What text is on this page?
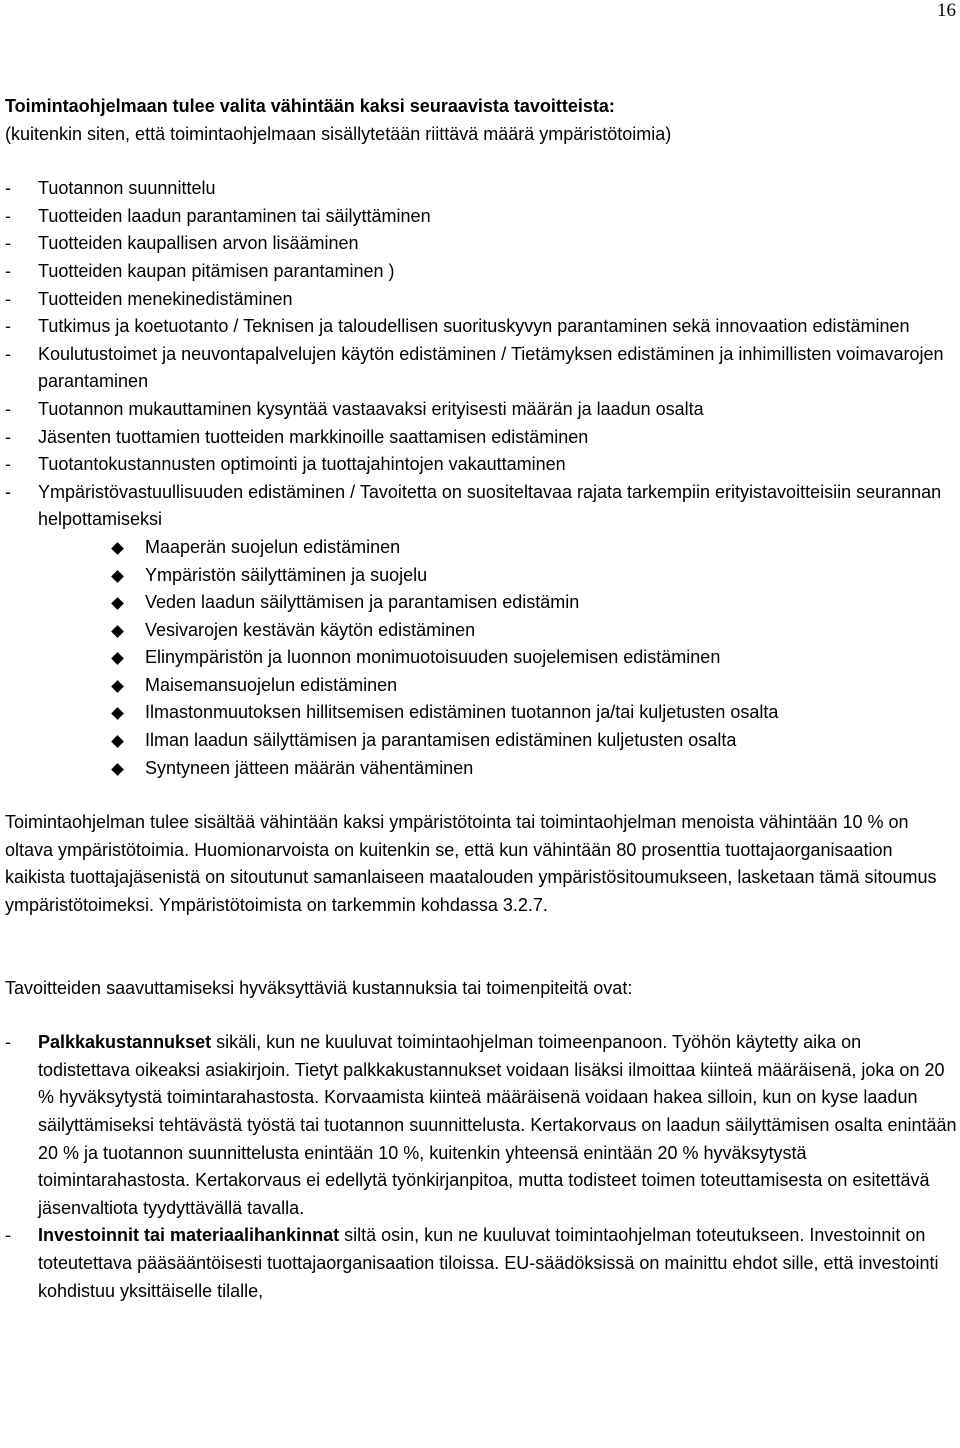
16
Toimintaohjelmaan tulee valita vähintään kaksi seuraavista tavoitteista:
(kuitenkin siten, että toimintaohjelmaan sisällytetään riittävä määrä ympäristötoimia)
- Tuotannon suunnittelu
- Tuotteiden laadun parantaminen tai säilyttäminen
- Tuotteiden kaupallisen arvon lisääminen
- Tuotteiden kaupan pitämisen parantaminen )
- Tuotteiden menekinedistäminen
- Tutkimus ja koetuotanto / Teknisen ja taloudellisen suorituskyvyn parantaminen sekä innovaation edistäminen
- Koulutustoimet ja neuvontapalvelujen käytön edistäminen / Tietämyksen edistäminen ja inhimillisten voimavarojen parantaminen
- Tuotannon mukauttaminen kysyntää vastaavaksi erityisesti määrän ja laadun osalta
- Jäsenten tuottamien tuotteiden markkinoille saattamisen edistäminen
- Tuotantokustannusten optimointi ja tuottajahintojen vakauttaminen
- Ympäristövastuullisuuden edistäminen / Tavoitetta on suositeltavaa rajata tarkempiin erityistavoitteisiin seurannan helpottamiseksi
Maaperän suojelun edistäminen
Ympäristön säilyttäminen ja suojelu
Veden laadun säilyttämisen ja parantamisen edistämin
Vesivarojen kestävän käytön edistäminen
Elinympäristön ja luonnon monimuotoisuuden suojelemisen edistäminen
Maisemansuojelun edistäminen
Ilmastonmuutoksen hillitsemisen edistäminen tuotannon ja/tai kuljetusten osalta
Ilman laadun säilyttämisen ja parantamisen edistäminen kuljetusten osalta
Syntyneen jätteen määrän vähentäminen

Toimintaohjelman tulee sisältää vähintään kaksi ympäristötointa tai toimintaohjelman menoista vähintään 10 % on oltava ympäristötoimia. Huomionarvoista on kuitenkin se, että kun vähintään 80 prosenttia tuottajaorganisaation kaikista tuottajajäsenistä on sitoutunut samanlaiseen maatalouden ympäristösitoumukseen, lasketaan tämä sitoumus ympäristötoimeksi. Ympäristötoimista on tarkemmin kohdassa 3.2.7.

Tavoitteiden saavuttamiseksi hyväksyttäviä kustannuksia tai toimenpiteitä ovat:

- Palkkakustannukset sikäli, kun ne kuuluvat toimintaohjelman toimeenpanoon. Työhön käytetty aika on todistettava oikeaksi asiakirjoin. Tietyt palkkakustannukset voidaan lisäksi ilmoittaa kiinteä määräisenä, joka on 20 % hyväksytystä toimintarahastosta. Korvaamista kiinteä määräisenä voidaan hakea silloin, kun on kyse laadun säilyttämiseksi tehtävästä työstä tai tuotannon suunnittelusta. Kertakorvaus on laadun säilyttämisen osalta enintään 20 % ja tuotannon suunnittelusta enintään 10 %, kuitenkin yhteensä enintään 20 % hyväksytystä toimintarahastosta. Kertakorvaus ei edellytä työnkirjanpitoa, mutta todisteet toimen toteuttamisesta on esitettävä jäsenvaltiota tyydyttävällä tavalla.
- Investoinnit tai materiaalihankinnat siltä osin, kun ne kuuluvat toimintaohjelman toteutukseen. Investoinnit on toteutettava pääsääntöisesti tuottajaorganisaation tiloissa. EU-säädöksissä on mainittu ehdot sille, että investointi kohdistuu yksittäiselle tilalle,
